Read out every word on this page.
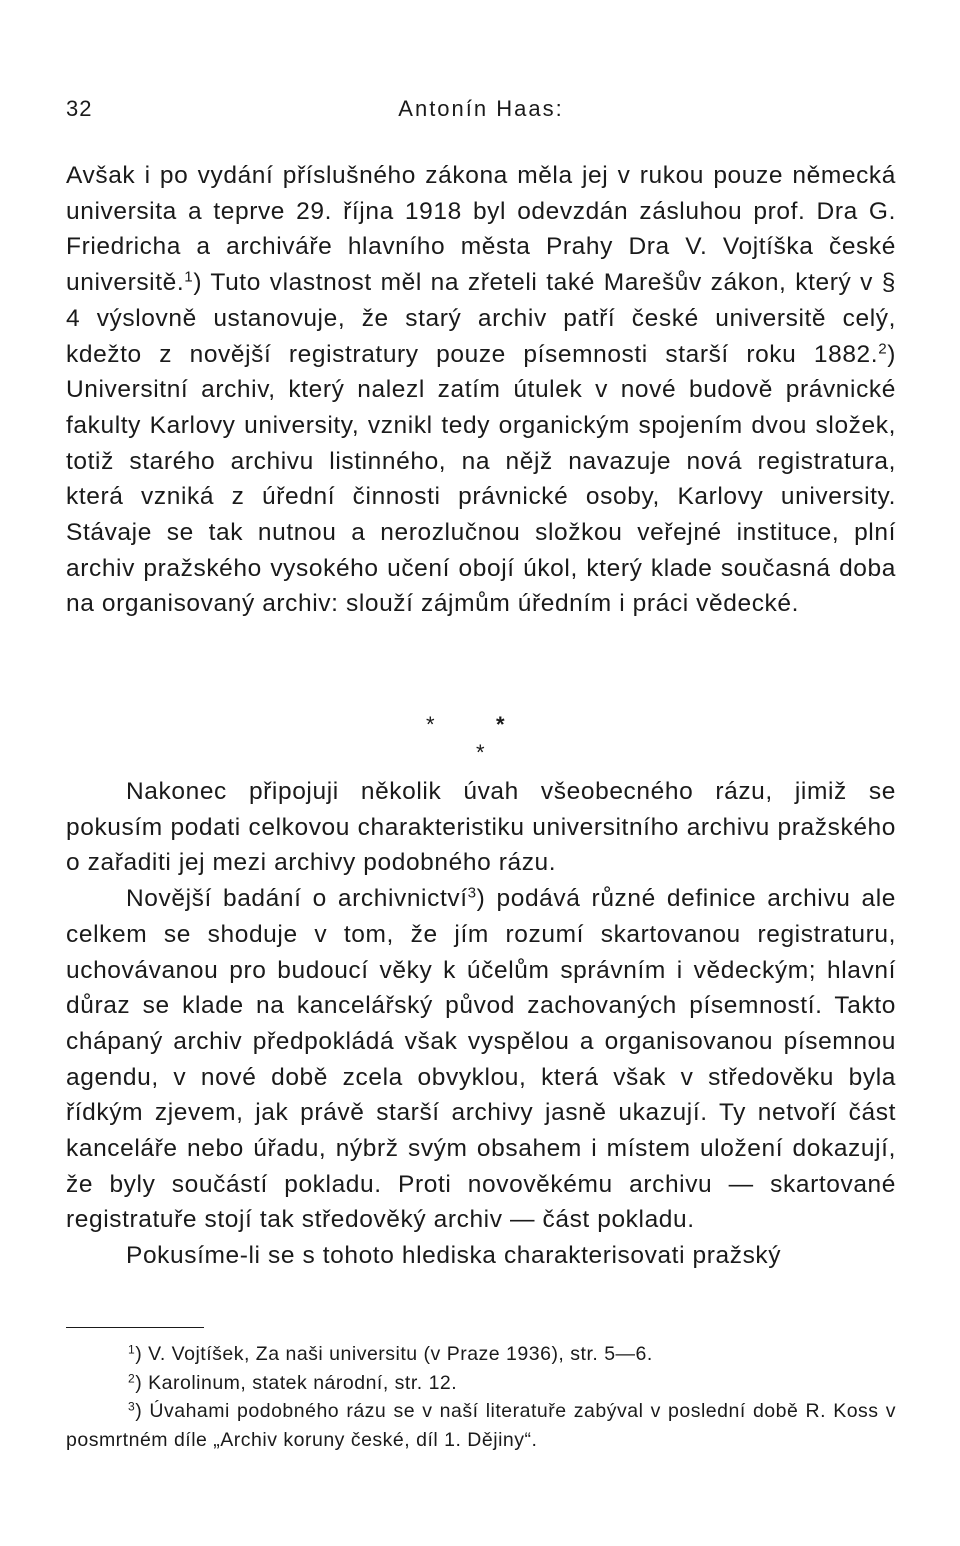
32	Antonín Haas:

Avšak i po vydání příslušného zákona měla jej v rukou pouze německá universita a teprve 29. října 1918 byl odevzdán zásluhou prof. Dra G. Friedricha a archiváře hlavního města Prahy Dra V. Vojtíška české universitě.$^1$) Tuto vlastnost měl na zřeteli také Marešův zákon, který v § 4 výslovně ustanovuje, že starý archiv patří české universitě celý, kdežto z novější registratury pouze písemnosti starší roku 1882.$^2$) Universitní archiv, který nalezl zatím útulek v nové budově právnické fakulty Karlovy university, vznikl tedy organickým spojením dvou složek, totiž starého archivu listinného, na nějž navazuje nová registratura, která vzniká z úřední činnosti právnické osoby, Karlovy university. Stávaje se tak nutnou a nerozlučnou složkou veřejné instituce, plní archiv pražského vysokého učení obojí úkol, který klade současná doba na organisovaný archiv: slouží zájmům úředním i práci vědecké.

*	*
*

Nakonec připojuji několik úvah všeobecného rázu, jimiž se pokusím podati celkovou charakteristiku universitního archivu pražského o zařaditi jej mezi archivy podobného rázu.

Novější badání o archivnictví$^3$) podává různé definice archivu ale celkem se shoduje v tom, že jím rozumí skartovanou registraturu, uchovávanou pro budoucí věky k účelům správním i vědeckým; hlavní důraz se klade na kancelářský původ zachovaných písemností. Takto chápaný archiv předpokládá však vyspělou a organisovanou písemnou agendu, v nové době zcela obvyklou, která však v středověku byla řídkým zjevem, jak právě starší archivy jasně ukazují. Ty netvoří část kanceláře nebo úřadu, nýbrž svým obsahem i místem uložení dokazují, že byly součástí pokladu. Proti novověkému archivu — skartované registratuře stojí tak středověký archiv — část pokladu.

Pokusíme-li se s tohoto hlediska charakterisovati pražský

$^1$) V. Vojtíšek, Za naši universitu (v Praze 1936), str. 5—6.

$^2$) Karolinum, statek národní, str. 12.

$^3$) Úvahami podobného rázu se v naší literatuře zabýval v poslední době R. Koss v posmrtném díle „Archiv koruny české, díl 1. Dějiny“.
